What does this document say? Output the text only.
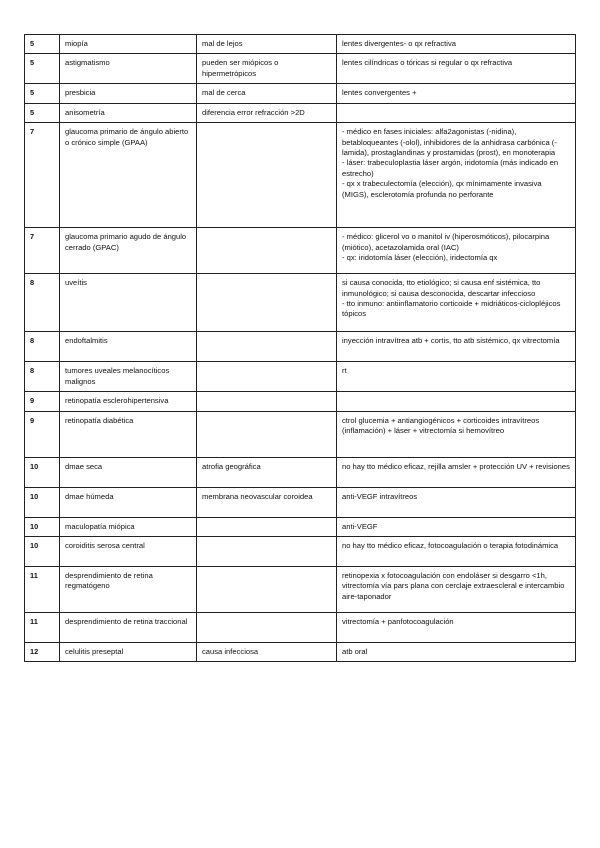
5	miopía	mal de lejos	lentes divergentes- o qx refractiva
5	astigmatismo	pueden ser miópicos o hipermetrópicos	lentes cilíndricas o tóricas si regular o qx refractiva
5	presbicia	mal de cerca	lentes convergentes +
5	anisometría	diferencia error refracción >2D	
7	glaucoma primario de ángulo abierto o crónico simple (GPAA)		- médico en fases iniciales: alfa2agonistas (-nidina), betabloqueantes (-olol), inhibidores de la anhidrasa carbónica (-lamida), prostaglandinas y prostamidas (prost), en monoterapia
- láser: trabeculoplastia láser argón, iridotomía (más indicado en estrecho)
- qx x trabeculectomía (elección), qx mínimamente invasiva (MIGS), esclerotomía profunda no perforante
7	glaucoma primario agudo de ángulo cerrado (GPAC)		- médico: glicerol vo o manitol iv (hiperosmóticos), pilocarpina (miótico), acetazolamida oral (IAC)
- qx: iridotomía láser (elección), iridectomía qx
8	uveítis		si causa conocida, tto etiológico; si causa enf sistémica, tto inmunológico; si causa desconocida, descartar infeccioso
- tto inmuno: antiinflamatorio corticoide + midriáticos-ciclopléjicos tópicos
8	endoftalmitis		inyección intravítrea atb + cortis, tto atb sistémico, qx vitrectomía
8	tumores uveales melanocíticos malignos		rt
9	retinopatía esclerohipertensiva		
9	retinopatía diabética		ctrol glucemia + antiangiogénicos + corticoides intravítreos (inflamación) + láser + vitrectomía si hemovítreo
10	dmae seca	atrofia geográfica	no hay tto médico eficaz, rejilla amsler + protección UV + revisiones
10	dmae húmeda	membrana neovascular coroidea	anti-VEGF intravítreos
10	maculopatía miópica		anti-VEGF
10	coroiditis serosa central		no hay tto médico eficaz, fotocoagulación o terapia fotodinámica
11	desprendimiento de retina regmatógeno		retinopexia x fotocoagulación con endoláser si desgarro <1h, vitrectomía vía pars plana con cerclaje extraescleral e intercambio aire-taponador
11	desprendimiento de retina traccional		vitrectomía + panfotocoagulación
12	celulitis preseptal	causa infecciosa	atb oral
